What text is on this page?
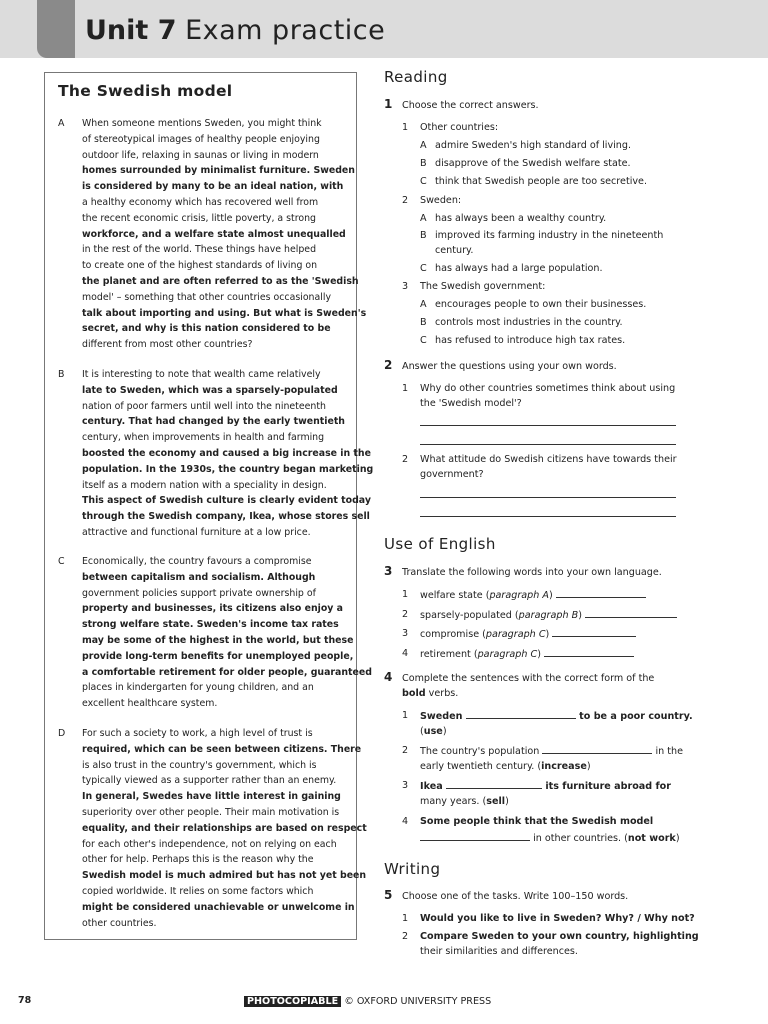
Unit 7 Exam practice
The Swedish model
A	When someone mentions Sweden, you might think
of stereotypical images of healthy people enjoying
outdoor life, relaxing in saunas or living in modern
homes surrounded by minimalist furniture. Sweden
is considered by many to be an ideal nation, with
a healthy economy which has recovered well from
the recent economic crisis, little poverty, a strong
workforce, and a welfare state almost unequalled
in the rest of the world. These things have helped
to create one of the highest standards of living on
the planet and are often referred to as the 'Swedish
model' – something that other countries occasionally
talk about importing and using. But what is Sweden's
secret, and why is this nation considered to be
different from most other countries?
B	It is interesting to note that wealth came relatively
late to Sweden, which was a sparsely-populated
nation of poor farmers until well into the nineteenth
century. That had changed by the early twentieth
century, when improvements in health and farming
boosted the economy and caused a big increase in the
population. In the 1930s, the country began marketing
itself as a modern nation with a speciality in design.
This aspect of Swedish culture is clearly evident today
through the Swedish company, Ikea, whose stores sell
attractive and functional furniture at a low price.
C	Economically, the country favours a compromise
between capitalism and socialism. Although
government policies support private ownership of
property and businesses, its citizens also enjoy a
strong welfare state. Sweden's income tax rates
may be some of the highest in the world, but these
provide long-term benefits for unemployed people,
a comfortable retirement for older people, guaranteed
places in kindergarten for young children, and an
excellent healthcare system.
D	For such a society to work, a high level of trust is
required, which can be seen between citizens. There
is also trust in the country's government, which is
typically viewed as a supporter rather than an enemy.
In general, Swedes have little interest in gaining
superiority over other people. Their main motivation is
equality, and their relationships are based on respect
for each other's independence, not on relying on each
other for help. Perhaps this is the reason why the
Swedish model is much admired but has not yet been
copied worldwide. It relies on some factors which
might be considered unachievable or unwelcome in
other countries.
Reading
1 Choose the correct answers.
1 Other countries:
A admire Sweden's high standard of living.
B disapprove of the Swedish welfare state.
C think that Swedish people are too secretive.
2 Sweden:
A has always been a wealthy country.
B improved its farming industry in the nineteenth
century.
C has always had a large population.
3 The Swedish government:
A encourages people to own their businesses.
B controls most industries in the country.
C has refused to introduce high tax rates.
2 Answer the questions using your own words.
1 Why do other countries sometimes think about using
the 'Swedish model'?
2 What attitude do Swedish citizens have towards their
government?
Use of English
3 Translate the following words into your own language.
1 welfare state (paragraph A)
2 sparsely-populated (paragraph B)
3 compromise (paragraph C)
4 retirement (paragraph C)
4 Complete the sentences with the correct form of the
bold verbs.
1 Sweden	to be a poor country.
(use)
2 The country's population	in the
early twentieth century. (increase)
3 Ikea	its furniture abroad for
many years. (sell)
4 Some people think that the Swedish model
in other countries. (not work)
Writing
5 Choose one of the tasks. Write 100–150 words.
1 Would you like to live in Sweden? Why? / Why not?
2 Compare Sweden to your own country, highlighting
their similarities and differences.
78	PHOTOCOPIABLE © OXFORD UNIVERSITY PRESS
